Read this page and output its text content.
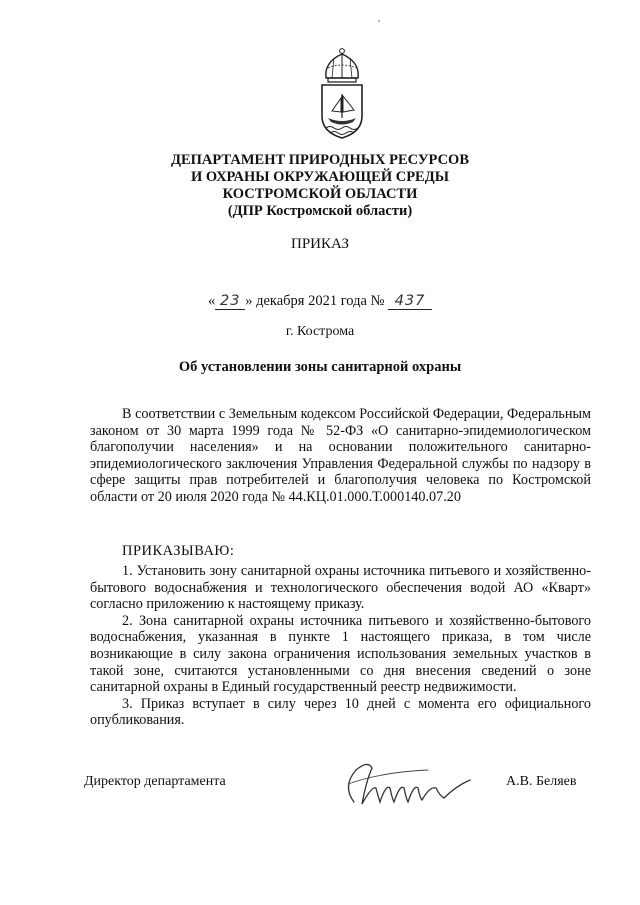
ДЕПАРТАМЕНТ ПРИРОДНЫХ РЕСУРСОВ
И ОХРАНЫ ОКРУЖАЮЩЕЙ СРЕДЫ
КОСТРОМСКОЙ ОБЛАСТИ
(ДПР Костромской области)
ПРИКАЗ
« 23 » декабря 2021 года № 437
г. Кострома
Об установлении зоны санитарной охраны

В соответствии с Земельным кодексом Российской Федерации, Федеральным законом от 30 марта 1999 года № 52-ФЗ «О санитарно-эпидемиологическом благополучии населения» и на основании положительного санитарно-эпидемиологического заключения Управления Федеральной службы по надзору в сфере защиты прав потребителей и благополучия человека по Костромской области от 20 июля 2020 года № 44.КЦ.01.000.Т.000140.07.20

ПРИКАЗЫВАЮ:

1. Установить зону санитарной охраны источника питьевого и хозяйственно-бытового водоснабжения и технологического обеспечения водой АО «Кварт» согласно приложению к настоящему приказу.

2. Зона санитарной охраны источника питьевого и хозяйственно-бытового водоснабжения, указанная в пункте 1 настоящего приказа, в том числе возникающие в силу закона ограничения использования земельных участков в такой зоне, считаются установленными со дня внесения сведений о зоне санитарной охраны в Единый государственный реестр недвижимости.

3. Приказ вступает в силу через 10 дней с момента его официального опубликования.

Директор департамента	А.В. Беляев
